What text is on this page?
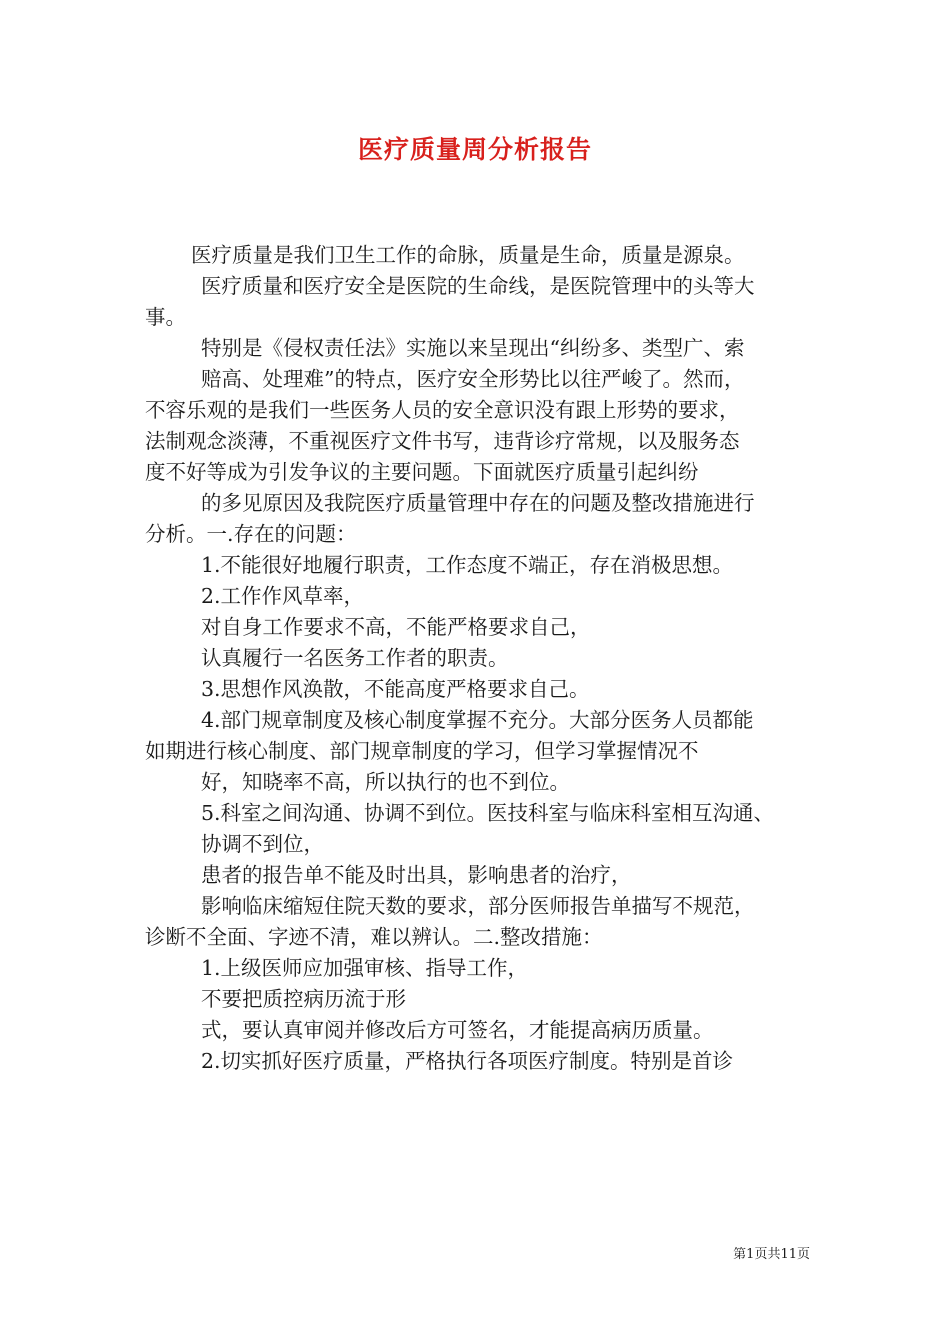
医疗质量周分析报告

医疗质量是我们卫生工作的命脉，质量是生命，质量是源泉。

医疗质量和医疗安全是医院的生命线，是医院管理中的头等大

事。

特别是《侵权责任法》实施以来呈现出“纠纷多、类型广、索

赔高、处理难”的特点，医疗安全形势比以往严峻了。然而，

不容乐观的是我们一些医务人员的安全意识没有跟上形势的要求，

法制观念淡薄，不重视医疗文件书写，违背诊疗常规，以及服务态

度不好等成为引发争议的主要问题。下面就医疗质量引起纠纷

的多见原因及我院医疗质量管理中存在的问题及整改措施进行

分析。一.存在的问题：

1.不能很好地履行职责，工作态度不端正，存在消极思想。

2.工作作风草率，

对自身工作要求不高，不能严格要求自己，

认真履行一名医务工作者的职责。

3.思想作风涣散，不能高度严格要求自己。

4.部门规章制度及核心制度掌握不充分。大部分医务人员都能

如期进行核心制度、部门规章制度的学习，但学习掌握情况不

好，知晓率不高，所以执行的也不到位。

5.科室之间沟通、协调不到位。医技科室与临床科室相互沟通、

协调不到位，

患者的报告单不能及时出具，影响患者的治疗，

影响临床缩短住院天数的要求，部分医师报告单描写不规范，

诊断不全面、字迹不清，难以辨认。二.整改措施：

1.上级医师应加强审核、指导工作，

不要把质控病历流于形

式，要认真审阅并修改后方可签名，才能提高病历质量。

2.切实抓好医疗质量，严格执行各项医疗制度。特别是首诊

第1页共11页
